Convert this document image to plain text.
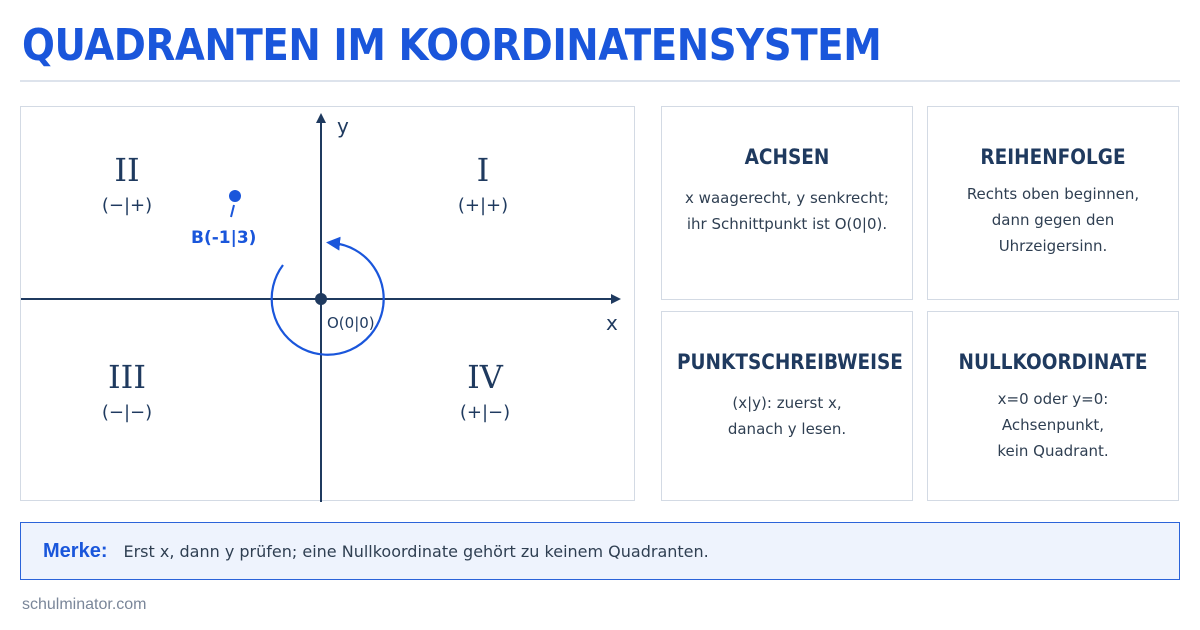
QUADRANTEN IM KOORDINATENSYSTEM
y
x
O(0|0)
I
(+|+)
II
(−|+)
III
(−|−)
IV
(+|−)
B(-1|3)
ACHSEN

x waagerecht, y senkrecht;
ihr Schnittpunkt ist O(0|0).

REIHENFOLGE

Rechts oben beginnen,
dann gegen den
Uhrzeigersinn.

PUNKTSCHREIBWEISE

(x|y): zuerst x,
danach y lesen.

NULLKOORDINATE

x=0 oder y=0:
Achsenpunkt,
kein Quadrant.

Merke: Erst x, dann y prüfen; eine Nullkoordinate gehört zu keinem Quadranten.
schulminator.com
